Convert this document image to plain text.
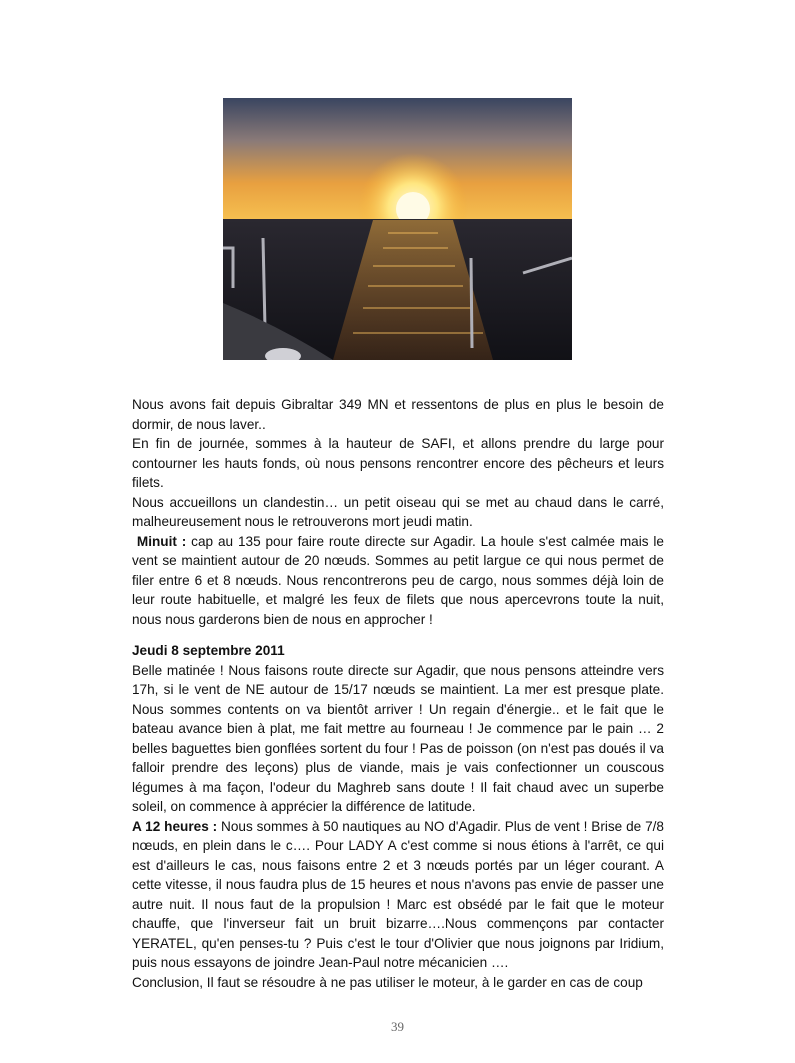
Nous avons fait depuis Gibraltar 349 MN et ressentons de plus en plus le besoin de dormir, de nous laver..

En fin de journée, sommes à la hauteur de SAFI, et allons prendre du large pour contourner les hauts fonds, où nous pensons rencontrer encore des pêcheurs et leurs filets.

Nous accueillons un clandestin… un petit oiseau qui se met au chaud dans le carré, malheureusement nous le retrouverons mort jeudi matin.

Minuit : cap au 135 pour faire route directe sur Agadir. La houle s'est calmée mais le vent se maintient autour de 20 nœuds. Sommes au petit largue ce qui nous permet de filer entre 6 et 8 nœuds. Nous rencontrerons peu de cargo, nous sommes déjà loin de leur route habituelle, et malgré les feux de filets que nous apercevrons toute la nuit, nous nous garderons bien de nous en approcher !

Jeudi 8 septembre 2011

Belle matinée ! Nous faisons route directe sur Agadir, que nous pensons atteindre vers 17h, si le vent de NE autour de 15/17 nœuds se maintient. La mer est presque plate. Nous sommes contents on va bientôt arriver ! Un regain d'énergie.. et le fait que le bateau avance bien à plat, me fait mettre au fourneau ! Je commence par le pain … 2 belles baguettes bien gonflées sortent du four ! Pas de poisson (on n'est pas doués il va falloir prendre des leçons) plus de viande, mais je vais confectionner un couscous légumes à ma façon, l'odeur du Maghreb sans doute ! Il fait chaud avec un superbe soleil, on commence à apprécier la différence de latitude.

A 12 heures : Nous sommes à 50 nautiques au NO d'Agadir. Plus de vent ! Brise de 7/8 nœuds, en plein dans le c…. Pour LADY A c'est comme si nous étions à l'arrêt, ce qui est d'ailleurs le cas, nous faisons entre 2 et 3 nœuds portés par un léger courant. A cette vitesse, il nous faudra plus de 15 heures et nous n'avons pas envie de passer une autre nuit. Il nous faut de la propulsion ! Marc est obsédé par le fait que le moteur chauffe, que l'inverseur fait un bruit bizarre….Nous commençons par contacter YERATEL, qu'en penses-tu ? Puis c'est le tour d'Olivier que nous joignons par Iridium, puis nous essayons de joindre Jean-Paul notre mécanicien ….

Conclusion, Il faut se résoudre à ne pas utiliser le moteur, à le garder en cas de coup

39
